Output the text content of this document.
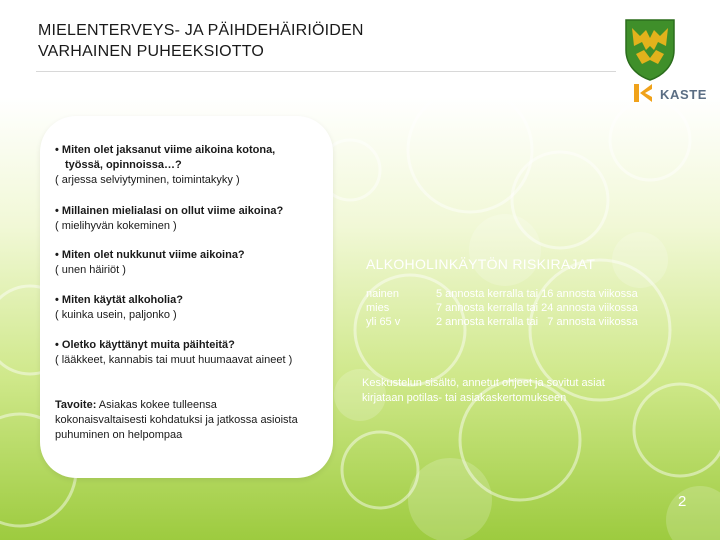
MIELENTERVEYS- JA PÄIHDEHÄIRIÖIDEN
VARHAINEN PUHEEKSIOTTO
KASTE
• Miten olet jaksanut viime aikoina kotona,
työssä, opinnoissa…?
( arjessa selviytyminen, toimintakyky )
• Millainen mielialasi on ollut viime aikoina?
( mielihyvän kokeminen )
• Miten olet nukkunut viime aikoina?
( unen häiriöt )
• Miten käytät alkoholia?
( kuinka usein, paljonko )
• Oletko käyttänyt muita päihteitä?
( lääkkeet, kannabis tai muut huumaavat aineet )
Tavoite: Asiakas kokee tulleensa
kokonaisvaltaisesti kohdatuksi ja jatkossa asioista
puhuminen on helpompaa
ALKOHOLINKÄYTÖN RISKIRAJAT
nainen	5 annosta kerralla tai 16 annosta viikossa
mies	7 annosta kerralla tai 24 annosta viikossa
yli 65 v	2 annosta kerralla tai   7 annosta viikossa
Keskustelun sisältö, annetut ohjeet ja sovitut asiat
kirjataan potilas- tai asiakaskertomukseen
2
